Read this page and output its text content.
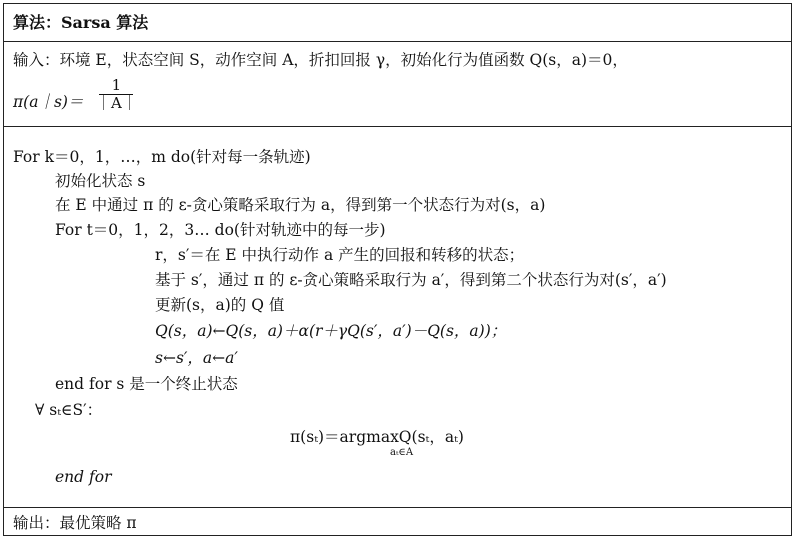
算法：Sarsa 算法
输入：环境 E，状态空间 S，动作空间 A，折扣回报 γ，初始化行为值函数 Q(s，a)＝0，
π(a｜s)＝
1
｜A｜
For k＝0，1，…，m do(针对每一条轨迹)
初始化状态 s
在 E 中通过 π 的 ε-贪心策略采取行为 a，得到第一个状态行为对(s，a)
For t＝0，1，2，3… do(针对轨迹中的每一步)
r，s′＝在 E 中执行动作 a 产生的回报和转移的状态；
基于 s′，通过 π 的 ε-贪心策略采取行为 a′，得到第二个状态行为对(s′，a′)
更新(s，a)的 Q 值
Q(s，a)←Q(s，a)＋α(r＋γQ(s′，a′)－Q(s，a))；
s←s′，a←a′
end for s 是一个终止状态
∀ sₜ∈S′：
π(sₜ)＝argmaxQ(sₜ，aₜ)
aₜ∈A
end for
输出：最优策略 π
